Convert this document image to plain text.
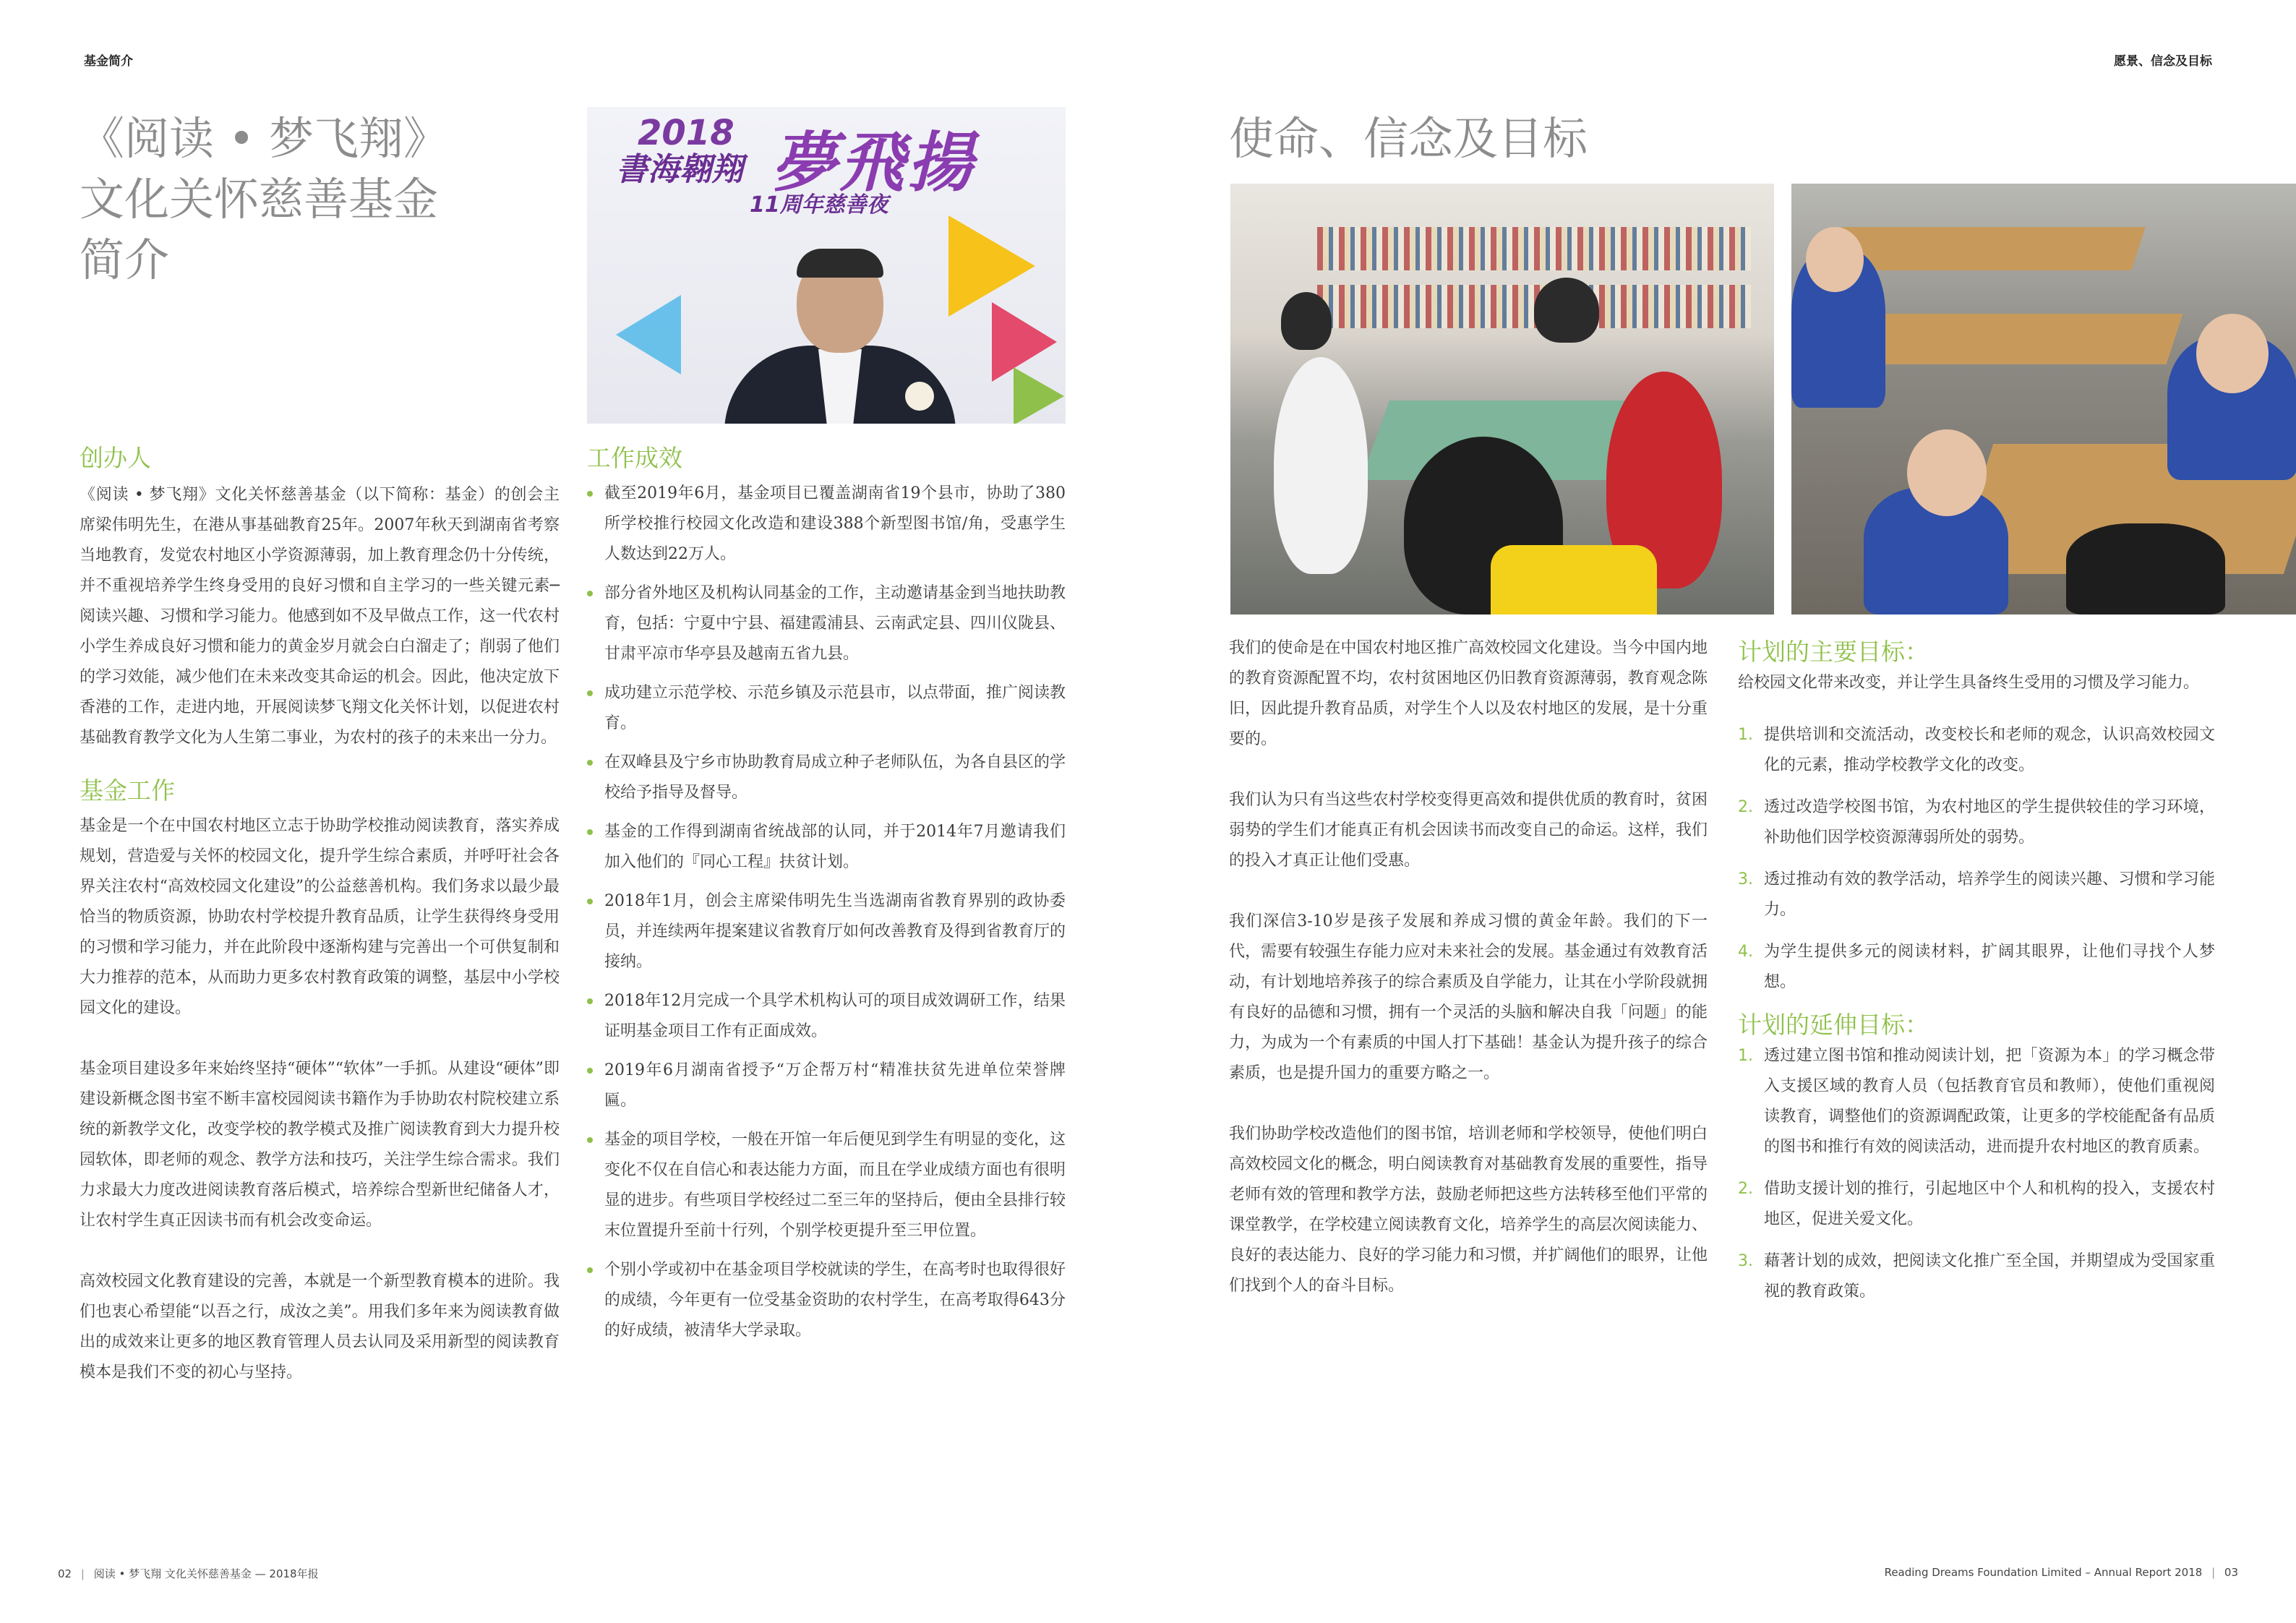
基金简介	愿景、信念及目标
《阅读 • 梦飞翔》
文化关怀慈善基金
简介
2018
書海翱翔 夢飛揚
11周年慈善夜
创办人
《阅读 • 梦飞翔》文化关怀慈善基金（以下简称：基金）的创会主席梁伟明先生，在港从事基础教育25年。2007年秋天到湖南省考察当地教育，发觉农村地区小学资源薄弱，加上教育理念仍十分传统，并不重视培养学生终身受用的良好习惯和自主学习的一些关键元素─阅读兴趣、习惯和学习能力。他感到如不及早做点工作，这一代农村小学生养成良好习惯和能力的黄金岁月就会白白溜走了；削弱了他们的学习效能，减少他们在未来改变其命运的机会。因此，他决定放下香港的工作，走进内地，开展阅读梦飞翔文化关怀计划，以促进农村基础教育教学文化为人生第二事业，为农村的孩子的未来出一分力。
基金工作

基金是一个在中国农村地区立志于协助学校推动阅读教育，落实养成规划，营造爱与关怀的校园文化，提升学生综合素质，并呼吁社会各界关注农村“高效校园文化建设”的公益慈善机构。我们务求以最少最恰当的物质资源，协助农村学校提升教育品质，让学生获得终身受用的习惯和学习能力，并在此阶段中逐渐构建与完善出一个可供复制和大力推荐的范本，从而助力更多农村教育政策的调整，基层中小学校园文化的建设。

基金项目建设多年来始终坚持“硬体”“软体”一手抓。从建设“硬体”即建设新概念图书室不断丰富校园阅读书籍作为手协助农村院校建立系统的新教学文化，改变学校的教学模式及推广阅读教育到大力提升校园软体，即老师的观念、教学方法和技巧，关注学生综合需求。我们力求最大力度改进阅读教育落后模式，培养综合型新世纪储备人才，让农村学生真正因读书而有机会改变命运。

高效校园文化教育建设的完善，本就是一个新型教育模本的进阶。我们也衷心希望能“以吾之行，成汝之美”。用我们多年来为阅读教育做出的成效来让更多的地区教育管理人员去认同及采用新型的阅读教育模本是我们不变的初心与坚持。

工作成效
截至2019年6月，基金项目已覆盖湖南省19个县市，协助了380所学校推行校园文化改造和建设388个新型图书馆/角，受惠学生人数达到22万人。
部分省外地区及机构认同基金的工作，主动邀请基金到当地扶助教育，包括：宁夏中宁县、福建霞浦县、云南武定县、四川仪陇县、甘肃平凉市华亭县及越南五省九县。
成功建立示范学校、示范乡镇及示范县市，以点带面，推广阅读教育。
在双峰县及宁乡市协助教育局成立种子老师队伍，为各自县区的学校给予指导及督导。
基金的工作得到湖南省统战部的认同，并于2014年7月邀请我们加入他们的『同心工程』扶贫计划。
2018年1月，创会主席梁伟明先生当选湖南省教育界别的政协委员，并连续两年提案建议省教育厅如何改善教育及得到省教育厅的接纳。
2018年12月完成一个具学术机构认可的项目成效调研工作，结果证明基金项目工作有正面成效。
2019年6月湖南省授予“万企帮万村“精准扶贫先进单位荣誉牌匾。
基金的项目学校，一般在开馆一年后便见到学生有明显的变化，这变化不仅在自信心和表达能力方面，而且在学业成绩方面也有很明显的进步。有些项目学校经过二至三年的坚持后，便由全县排行较末位置提升至前十行列，个别学校更提升至三甲位置。
个别小学或初中在基金项目学校就读的学生，在高考时也取得很好的成绩，今年更有一位受基金资助的农村学生，在高考取得643分的好成绩，被清华大学录取。
使命、信念及目标

我们的使命是在中国农村地区推广高效校园文化建设。当今中国内地的教育资源配置不均，农村贫困地区仍旧教育资源薄弱，教育观念陈旧，因此提升教育品质，对学生个人以及农村地区的发展，是十分重要的。

我们认为只有当这些农村学校变得更高效和提供优质的教育时，贫困弱势的学生们才能真正有机会因读书而改变自己的命运。这样，我们的投入才真正让他们受惠。

我们深信3-10岁是孩子发展和养成习惯的黄金年龄。我们的下一代，需要有较强生存能力应对未来社会的发展。基金通过有效教育活动，有计划地培养孩子的综合素质及自学能力，让其在小学阶段就拥有良好的品德和习惯，拥有一个灵活的头脑和解决自我「问题」的能力，为成为一个有素质的中国人打下基础！基金认为提升孩子的综合素质，也是提升国力的重要方略之一。

我们协助学校改造他们的图书馆，培训老师和学校领导，使他们明白高效校园文化的概念，明白阅读教育对基础教育发展的重要性，指导老师有效的管理和教学方法，鼓励老师把这些方法转移至他们平常的课堂教学，在学校建立阅读教育文化，培养学生的高层次阅读能力、良好的表达能力、良好的学习能力和习惯，并扩阔他们的眼界，让他们找到个人的奋斗目标。

计划的主要目标：
给校园文化带来改变，并让学生具备终生受用的习惯及学习能力。
1. 提供培训和交流活动，改变校长和老师的观念，认识高效校园文化的元素，推动学校教学文化的改变。
2. 透过改造学校图书馆，为农村地区的学生提供较佳的学习环境，补助他们因学校资源薄弱所处的弱势。
3. 透过推动有效的教学活动，培养学生的阅读兴趣、习惯和学习能力。
4. 为学生提供多元的阅读材料，扩阔其眼界，让他们寻找个人梦想。
计划的延伸目标：
1. 透过建立图书馆和推动阅读计划，把「资源为本」的学习概念带入支援区域的教育人员（包括教育官员和教师），使他们重视阅读教育，调整他们的资源调配政策，让更多的学校能配备有品质的图书和推行有效的阅读活动，进而提升农村地区的教育质素。
2. 借助支援计划的推行，引起地区中个人和机构的投入，支援农村地区，促进关爱文化。
3. 藉著计划的成效，把阅读文化推广至全国，并期望成为受国家重视的教育政策。
02 | 阅读 • 梦飞翔 文化关怀慈善基金 — 2018年报	Reading Dreams Foundation Limited – Annual Report 2018 | 03
